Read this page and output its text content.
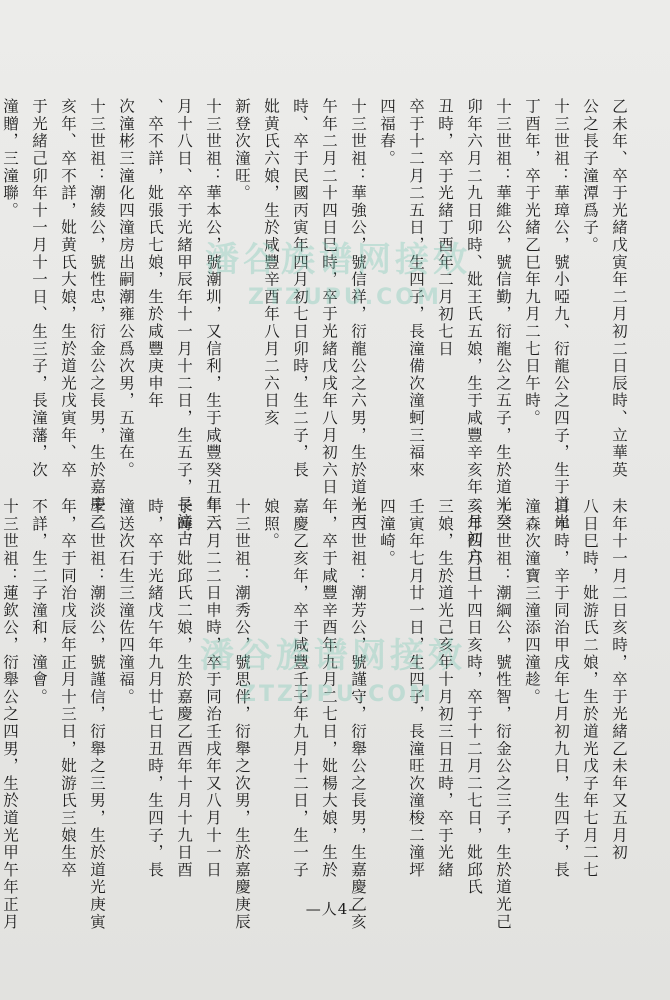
乙未年、卒于光緒戊寅年二月初二日辰時、立華英
公之長子潼潭爲子。
十三世祖：華璋公，號小啞九、衍龍公之四子，生于道光
丁酉年，卒于光緒乙巳年九月二七日午時。
十三世祖：華維公，號信勤，衍龍公之五子，生於道光癸
卯年六月二九日卯時、妣王氏五娘，生于咸豐辛亥年二月初六日
丑時，卒于光緒丁酉年二月初七日
卒于十二月二五日，生四子，長潼備次潼蚵三福來
四福春。
十三世祖：華強公，號信祥，衍龍公之六男，生於道光丙
午年二月二十四日巳時，卒于光緒戊戌年八月初六日
時、卒于民國丙寅年四月初七日卯時，生二子，長
妣黄氏六娘，生於咸豐辛酉年八月二六日亥
新登次潼旺。
十三世祖：華本公，號潮圳，又信利，生于咸豐癸丑年三
月十八日、卒于光緒甲辰年十一月十二日，生五子，長潼古
、卒不詳，妣張氏七娘，生於咸豐庚申年
次潼彬三潼化四潼房出嗣潮雍公爲次男，五潼在。
十三世祖：潮綾公，號性忠，衍金公之長男，生於嘉慶乙
亥年、卒不詳，妣黄氏大娘，生於道光戊寅年、卒
于光緒己卯年十一月十一日、生三子，長潼藩，次
潼贈，三潼聯。
未年十一月二日亥時，卒于光緒乙未年又五月初
八日巳時，妣游氏二娘，生於道光戊子年七月二七
日申時，辛于同治甲戌年七月初九日，生四子，長
潼森次潼寶三潼添四潼趁。
十三世祖：潮綱公，號性智，衍金公之三子，生於道光己
亥年四月二十四日亥時，卒于十二月二七日，妣邱氏
三娘，生於道光己亥年十月初三日丑時，卒于光緒
壬寅年七月廿一日，生四子，長潼旺次潼梭二潼坪
四潼崎。
十三世祖：潮芳公，號謹守，衍舉公之長男，生嘉慶乙亥
年，卒于咸豐辛酉年九月二七日，妣楊大娘，生於
嘉慶乙亥年，卒于咸豐壬子年九月十二日，生一子
娘照。
十三世祖：潮秀公，號思伴，衍舉之次男，生於嘉慶庚辰
年六月二二日申時，卒于同治壬戌年又八月十一日
子時，妣邱氏二娘，生於嘉慶乙酉年十月十九日酉
時，卒于光緒戊午年九月廿七日丑時，生四子，長
潼送次石生三潼佐四潼福。
十三世祖：潮淡公，號謹信，衍舉之三男，生於道光庚寅
年，卒于同治戊辰年正月十三日，妣游氏三娘生卒
不詳，生二子潼和，潼會。
十三世祖：蓮欽公，衍舉公之四男，生於道光甲午年正月
潘谷族谱网接效
ZTZUPU.COM
潘谷族谱网接效
ZTZUPU.COM
—人4—
